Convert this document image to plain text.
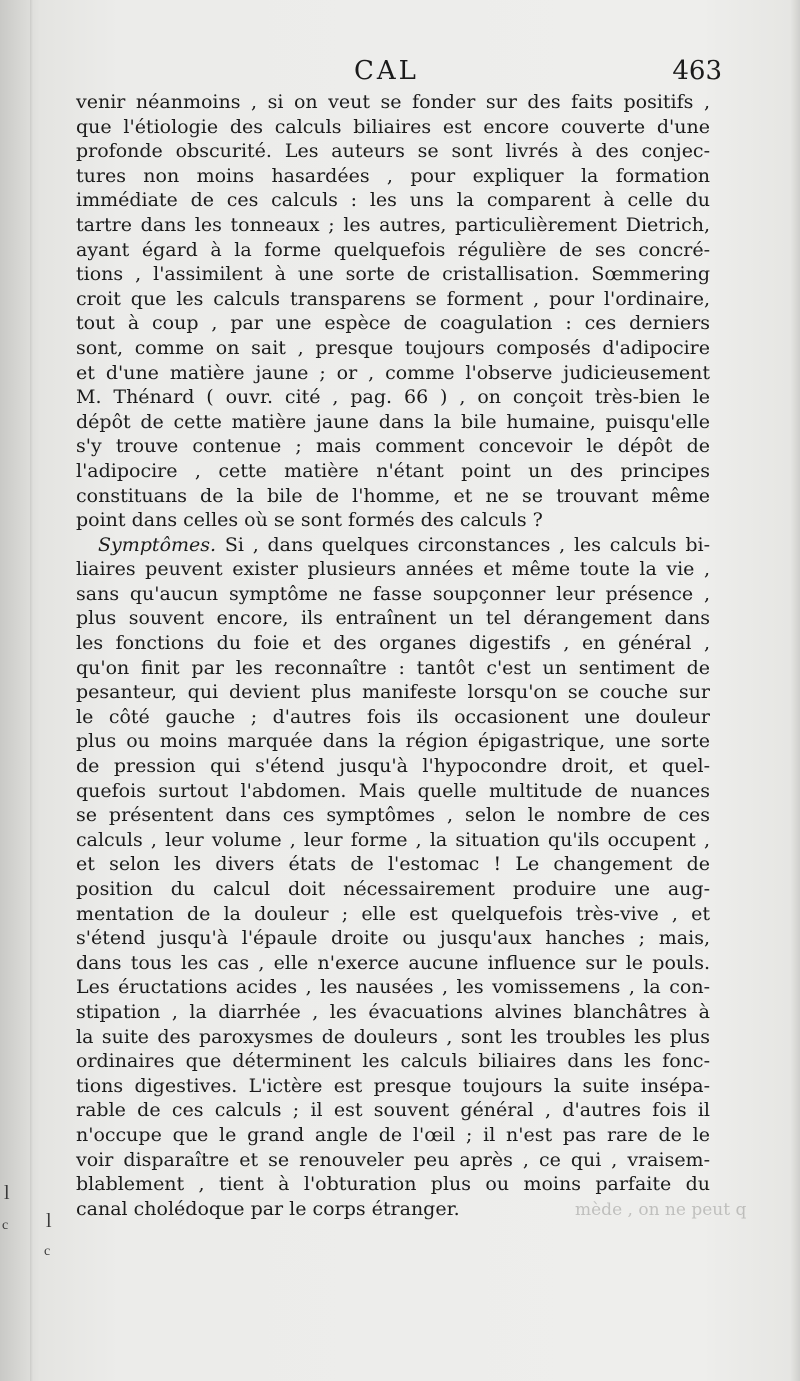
CAL	463
venir néanmoins , si on veut se fonder sur des faits positifs ,
que l'étiologie des calculs biliaires est encore couverte d'une
profonde obscurité. Les auteurs se sont livrés à des conjec-
tures non moins hasardées , pour expliquer la formation
immédiate de ces calculs : les uns la comparent à celle du
tartre dans les tonneaux ; les autres, particulièrement Dietrich,
ayant égard à la forme quelquefois régulière de ses concré-
tions , l'assimilent à une sorte de cristallisation. Sœmmering
croit que les calculs transparens se forment , pour l'ordinaire,
tout à coup , par une espèce de coagulation : ces derniers
sont, comme on sait , presque toujours composés d'adipocire
et d'une matière jaune ; or , comme l'observe judicieusement
M. Thénard ( ouvr. cité , pag. 66 ) , on conçoit très-bien le
dépôt de cette matière jaune dans la bile humaine, puisqu'elle
s'y trouve contenue ; mais comment concevoir le dépôt de
l'adipocire , cette matière n'étant point un des principes
constituans de la bile de l'homme, et ne se trouvant même
point dans celles où se sont formés des calculs ?
Symptômes. Si , dans quelques circonstances , les calculs bi-
liaires peuvent exister plusieurs années et même toute la vie ,
sans qu'aucun symptôme ne fasse soupçonner leur présence ,
plus souvent encore, ils entraînent un tel dérangement dans
les fonctions du foie et des organes digestifs , en général ,
qu'on finit par les reconnaître : tantôt c'est un sentiment de
pesanteur, qui devient plus manifeste lorsqu'on se couche sur
le côté gauche ; d'autres fois ils occasionent une douleur
plus ou moins marquée dans la région épigastrique, une sorte
de pression qui s'étend jusqu'à l'hypocondre droit, et quel-
quefois surtout l'abdomen. Mais quelle multitude de nuances
se présentent dans ces symptômes , selon le nombre de ces
calculs , leur volume , leur forme , la situation qu'ils occupent ,
et selon les divers états de l'estomac ! Le changement de
position du calcul doit nécessairement produire une aug-
mentation de la douleur ; elle est quelquefois très-vive , et
s'étend jusqu'à l'épaule droite ou jusqu'aux hanches ; mais,
dans tous les cas , elle n'exerce aucune influence sur le pouls.
Les éructations acides , les nausées , les vomissemens , la con-
stipation , la diarrhée , les évacuations alvines blanchâtres à
la suite des paroxysmes de douleurs , sont les troubles les plus
ordinaires que déterminent les calculs biliaires dans les fonc-
tions digestives. L'ictère est presque toujours la suite insépa-
rable de ces calculs ; il est souvent général , d'autres fois il
n'occupe que le grand angle de l'œil ; il n'est pas rare de le
voir disparaître et se renouveler peu après , ce qui , vraisem-
blablement , tient à l'obturation plus ou moins parfaite du
canal cholédoque par le corps étranger.
l
c l
c
mède , on ne peut q
